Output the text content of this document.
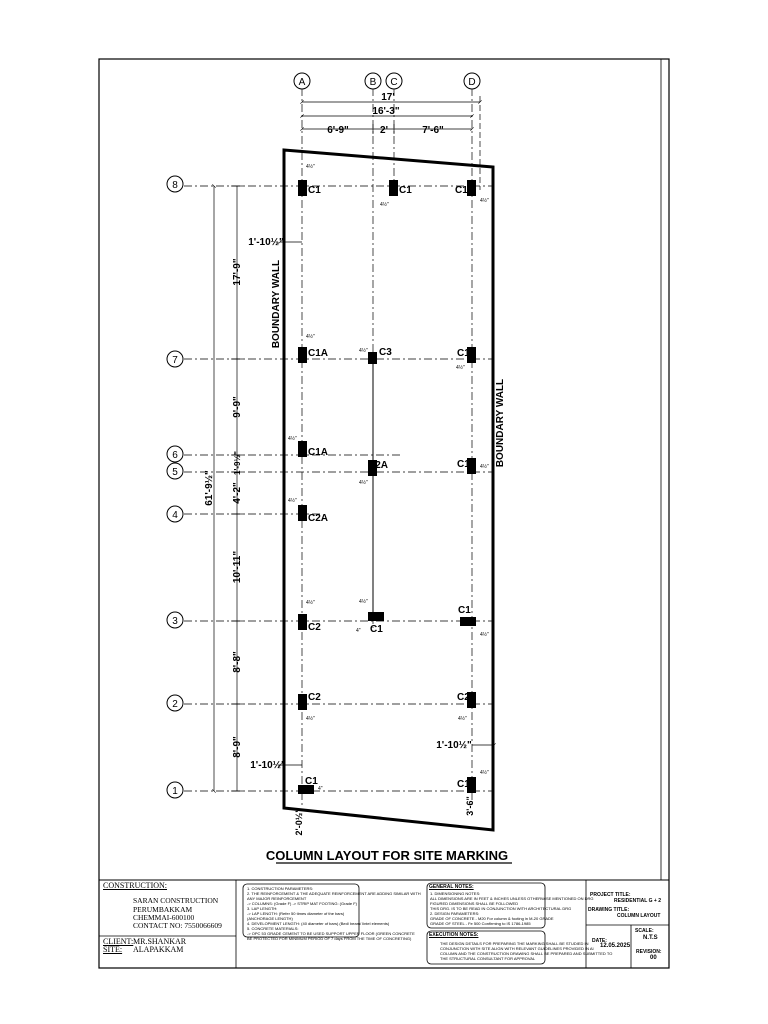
A	B C	D
8
7
6
5
4
3
2
1
17'
16'-3"
6'-9"	2'	7'-6"
61'-9½"
17'-9"
9'-9"
1'-9½"
4'-2"
10'-11"
8'-8"
8'-9"
1'-10½"
1'-10½"
1'-10½"
2'-0½"
3'-6"
BOUNDARY WALL
BOUNDARY WALL
C1	C1	C1
C1A	C3	C1
C1A
C2A	C1
C2A
C2	C1
C1
C2	C2
C1	C1
4½"
4½"
4½"
4½"
4½"
4½"
4½"
4½"
4½"
4½"
4½"	4½"
4"
4½"
4½"	4½"
4"
4½"
COLUMN LAYOUT FOR SITE MARKING
CONSTRUCTION:
SARAN CONSTRUCTION
PERUMBAKKAM
CHEMMAI-600100
CONTACT NO: 7550066609
CLIENT: MR.SHANKAR
SITE: ALAPAKKAM
1. CONSTRUCTION PARAMETERS:
2. THE REINFORCEMENT & THE ADEQUATE REINFORCEMENT ARE ADDING SIMILAR WITH
ANY MAJOR REINFORCEMENT
-> COLUMNS: (Grade F) -> STRIP MAT FOOTING: (Grade F)
3. LAP LENGTH:
-> LAP LENGTH: (Refer 50 times diameter of the bars)
(ANCHORAGE LENGTH)
4. DEVELOPMENT LENGTH: (40 diameter of bars) (Bed/ beam/ lintel elements)
5. CONCRETE MATERIALS:
-> OPC 53 GRADE CEMENT TO BE USED SUPPORT UPPER FLOOR (GREEN CONCRETE
BE PROTECTED FOR MINIMUM PERIOD OF 7 days FROM THE TIME OF CONCRETING)
GENERAL NOTES:
1. DIMENSIONING NOTES:
ALL DIMENSIONS ARE IN FEET & INCHES UNLESS OTHERWISE MENTIONED ON DRG
FIGURED DIMENSIONS SHALL BE FOLLOWED
THIS DRG. IS TO BE READ IN CONJUNCTION WITH ARCHITECTURAL DRG
2. DESIGN PARAMETERS:
GRADE OF CONCRETE - M20 For column & footing in M-20 GRADE
GRADE OF STEEL - Fe 500 Confirming to IS 1786-1985
EXECUTION NOTES:
THE DESIGN DETAILS FOR PREPARING THE MARKING SHALL BE STUDIED IN
CONJUNCTION WITH SITE ALIGN WITH RELEVANT GUIDELINES PROVIDED IN AI
COLUMN AND THE CONSTRUCTION DRAWING SHALL BE PREPARED AND SUBMITTED TO
THE STRUCTURAL CONSULTANT FOR APPROVAL
PROJECT TITLE:
RESIDENTIAL G + 2
DRAWING TITLE:
COLUMN LAYOUT
DATE:
12.05.2025
SCALE:
N.T.S
REVISION:
00
